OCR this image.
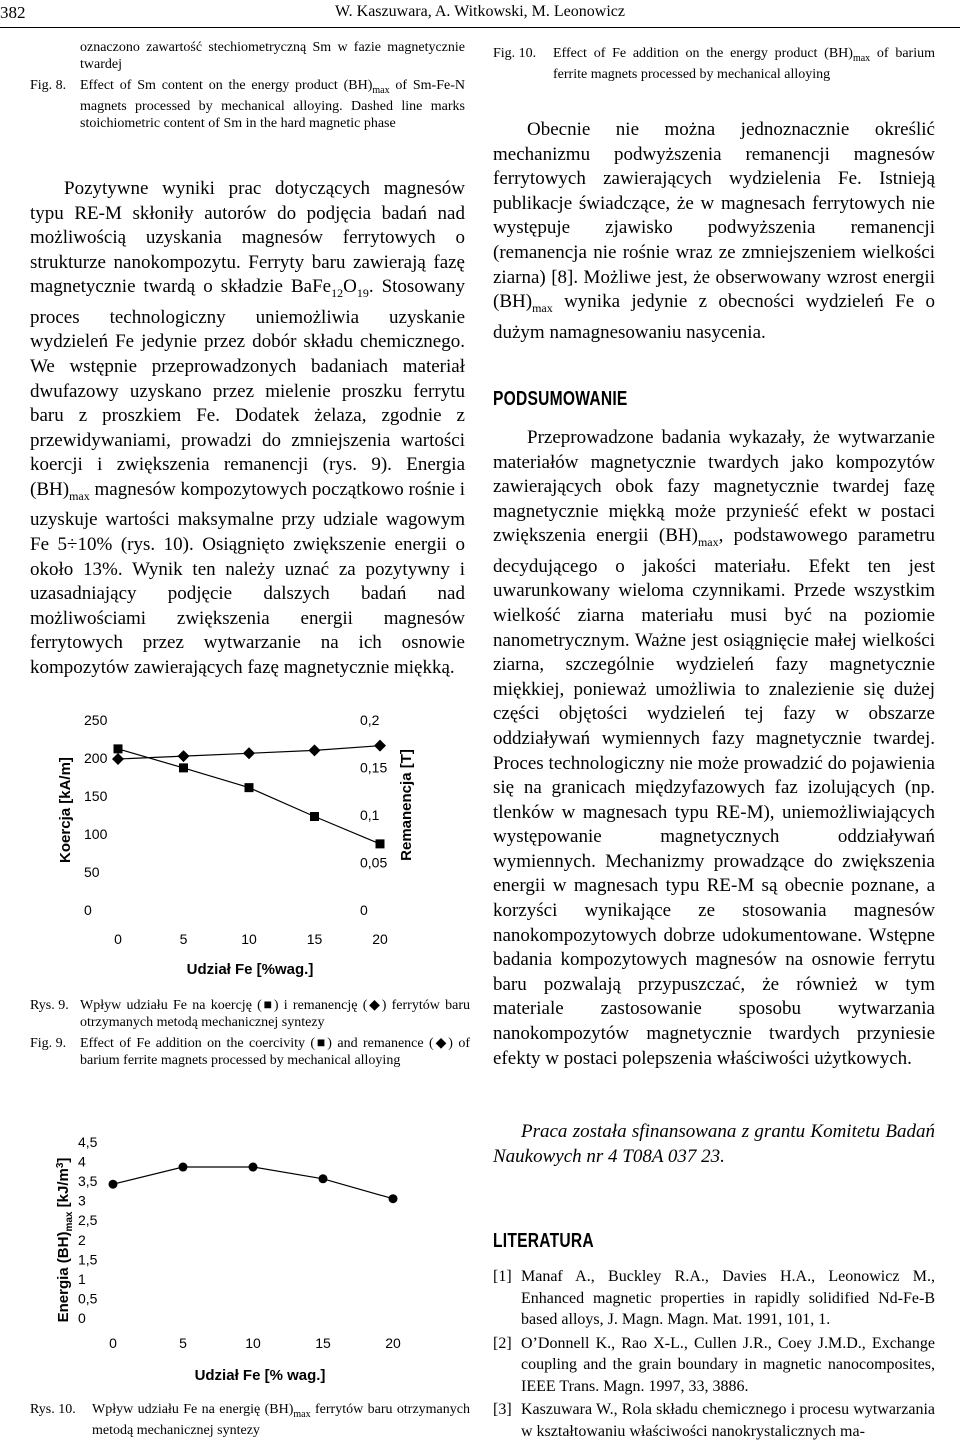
382	W. Kaszuwara, A. Witkowski, M. Leonowicz
oznaczono zawartość stechiometryczną Sm w fazie magnetycznie twardej
Fig. 8. Effect of Sm content on the energy product $(BH)_{max}$ of Sm-Fe-N magnets processed by mechanical alloying. Dashed line marks stoichiometric content of Sm in the hard magnetic phase

Pozytywne wyniki prac dotyczących magnesów typu RE-M skłoniły autorów do podjęcia badań nad możliwością uzyskania magnesów ferrytowych o strukturze nanokompozytu. Ferryty baru zawierają fazę magnetycznie twardą o składzie $BaFe_{12}O_{19}$. Stosowany proces technologiczny uniemożliwia uzyskanie wydzieleń Fe jedynie przez dobór składu chemicznego. We wstępnie przeprowadzonych badaniach materiał dwufazowy uzyskano przez mielenie proszku ferrytu baru z proszkiem Fe. Dodatek żelaza, zgodnie z przewidywaniami, prowadzi do zmniejszenia wartości koercji i zwiększenia remanencji (rys. 9). Energia $(BH)_{max}$ magnesów kompozytowych początkowo rośnie i uzyskuje wartości maksymalne przy udziale wagowym Fe 5÷10% (rys. 10). Osiągnięto zwiększenie energii o około 13%. Wynik ten należy uznać za pozytywny i uzasadniający podjęcie dalszych badań nad możliwościami zwiększenia energii magnesów ferrytowych przez wytwarzanie na ich osnowie kompozytów zawierających fazę magnetycznie miękką.

Koercja [kA/m]	Remanencja [T]
Udział Fe [%wag.]
250
200
150
100
50
0
0,2
0,15
0,1
0,05
0
0	5	10	15	20
Rys. 9. Wpływ udziału Fe na koercję (■) i remanencję (◆) ferrytów baru otrzymanych metodą mechanicznej syntezy
Fig. 9. Effect of Fe addition on the coercivity (■) and remanence (◆) of barium ferrite magnets processed by mechanical alloying
Energia $(BH)_{max}$ $[kJ/m^3]$
Udział Fe [% wag.]
4,5
4
3,5
3
2,5
2
1,5
1
0,5
0
0	5	10	15	20
Rys. 10.	Wpływ udziału Fe na energię $(BH)_{max}$ ferrytów baru otrzymanych metodą mechanicznej syntezy
Fig. 10.	Effect of Fe addition on the energy product $(BH)_{max}$ of barium ferrite magnets processed by mechanical alloying

Obecnie nie można jednoznacznie określić mechanizmu podwyższenia remanencji magnesów ferrytowych zawierających wydzielenia Fe. Istnieją publikacje świadczące, że w magnesach ferrytowych nie występuje zjawisko podwyższenia remanencji (remanencja nie rośnie wraz ze zmniejszeniem wielkości ziarna) [8]. Możliwe jest, że obserwowany wzrost energii $(BH)_{max}$ wynika jedynie z obecności wydzieleń Fe o dużym namagnesowaniu nasycenia.

PODSUMOWANIE

Przeprowadzone badania wykazały, że wytwarzanie materiałów magnetycznie twardych jako kompozytów zawierających obok fazy magnetycznie twardej fazę magnetycznie miękką może przynieść efekt w postaci zwiększenia energii $(BH)_{max}$, podstawowego parametru decydującego o jakości materiału. Efekt ten jest uwarunkowany wieloma czynnikami. Przede wszystkim wielkość ziarna materiału musi być na poziomie nanometrycznym. Ważne jest osiągnięcie małej wielkości ziarna, szczególnie wydzieleń fazy magnetycznie miękkiej, ponieważ umożliwia to znalezienie się dużej części objętości wydzieleń tej fazy w obszarze oddziaływań wymiennych fazy magnetycznie twardej. Proces technologiczny nie może prowadzić do pojawienia się na granicach międzyfazowych faz izolujących (np. tlenków w magnesach typu RE-M), uniemożliwiających występowanie magnetycznych oddziaływań wymiennych. Mechanizmy prowadzące do zwiększenia energii w magnesach typu RE-M są obecnie poznane, a korzyści wynikające ze stosowania magnesów nanokompozytowych dobrze udokumentowane. Wstępne badania kompozytowych magnesów na osnowie ferrytu baru pozwalają przypuszczać, że również w tym materiale zastosowanie sposobu wytwarzania nanokompozytów magnetycznie twardych przyniesie efekty w postaci polepszenia właściwości użytkowych.

Praca została sfinansowana z grantu Komitetu Badań Naukowych nr 4 T08A 037 23.

LITERATURA
[1] Manaf A., Buckley R.A., Davies H.A., Leonowicz M., Enhanced magnetic properties in rapidly solidified Nd-Fe-B based alloys, J. Magn. Magn. Mat. 1991, 101, 1.
[2] O’Donnell K., Rao X-L., Cullen J.R., Coey J.M.D., Exchange coupling and the grain boundary in magnetic nanocomposites, IEEE Trans. Magn. 1997, 33, 3886.
[3] Kaszuwara W., Rola składu chemicznego i procesu wytwarzania w kształtowaniu właściwości nanokrystalicznych ma-
